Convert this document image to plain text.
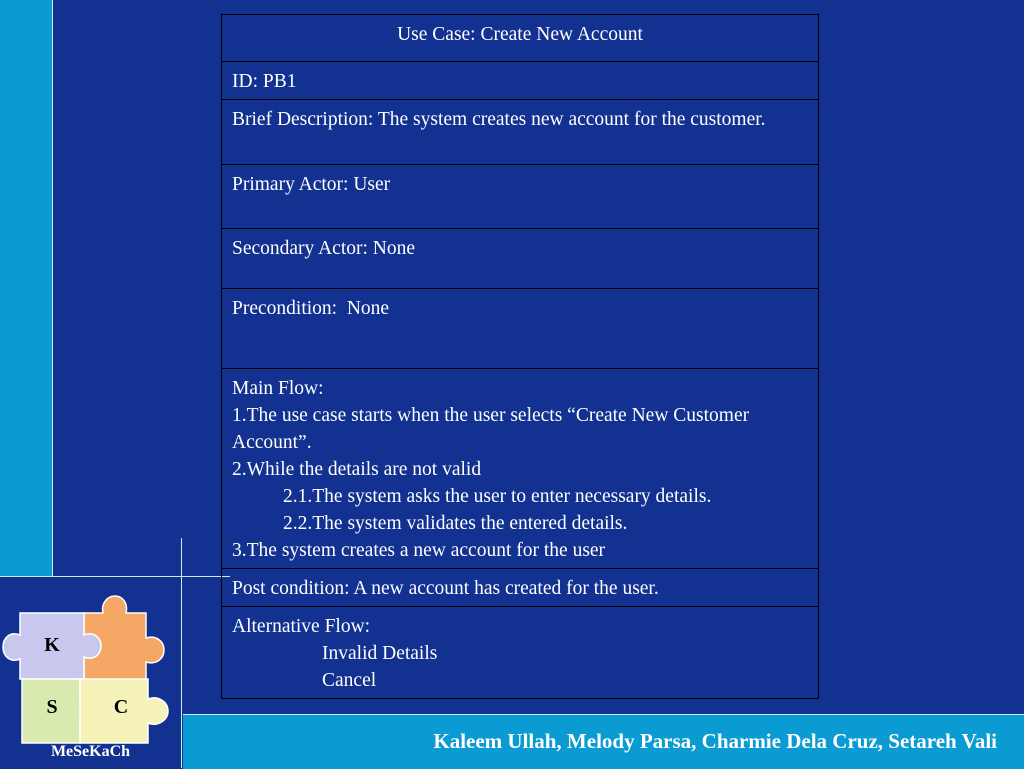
Use Case: Create New Account
ID: PB1
Brief Description: The system creates new account for the customer.
Primary Actor: User
Secondary Actor: None
Precondition:  None

Main Flow:
1.The use case starts when the user selects “Create New Customer Account”.
2.While the details are not valid
2.1.The system asks the user to enter necessary details.
2.2.The system validates the entered details.
3.The system creates a new account for the user

Post condition: A new account has created for the user.

Alternative Flow:
Invalid Details
Cancel
K
M
S	C
MeSeKaCh	Kaleem Ullah, Melody Parsa, Charmie Dela Cruz, Setareh Vali
